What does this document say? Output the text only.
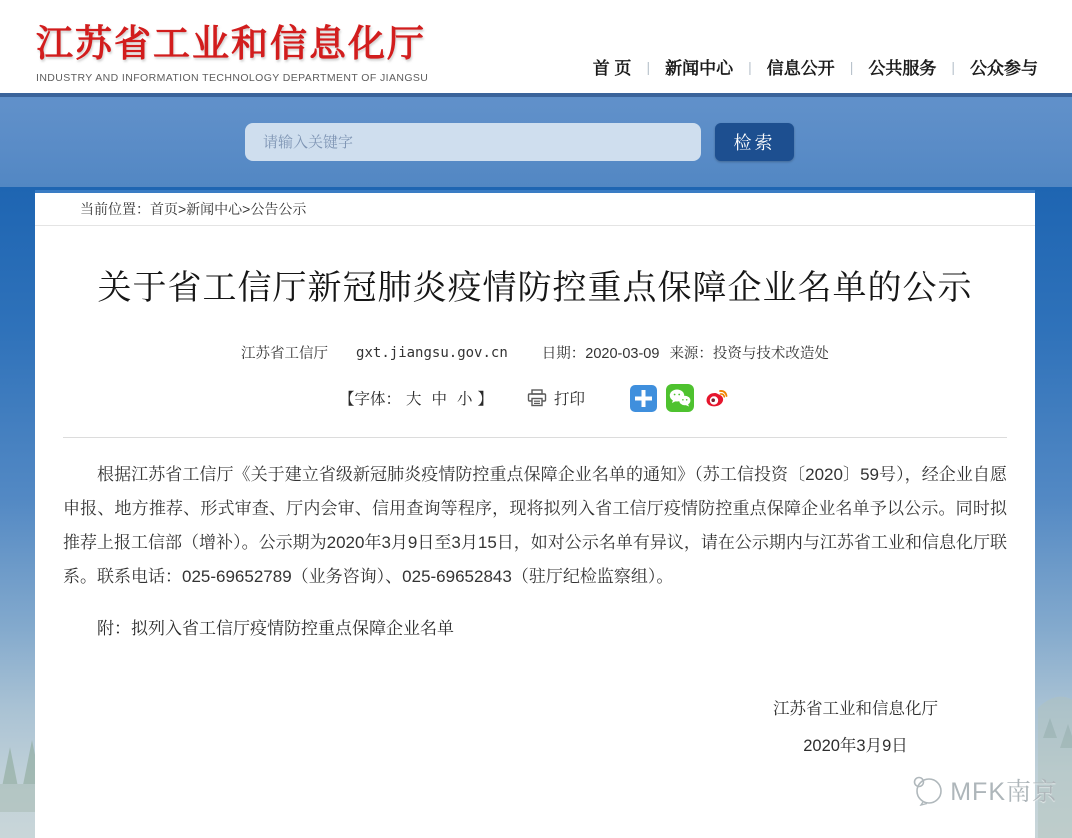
江苏省工业和信息化厅
INDUSTRY AND INFORMATION TECHNOLOGY DEPARTMENT OF JIANGSU	首 页 | 新闻中心 | 信息公开 | 公共服务 | 公众参与
请输入关键字
检索
当前位置： 首页>新闻中心>公告公示
关于省工信厅新冠肺炎疫情防控重点保障企业名单的公示
江苏省工信厅 gxt.jiangsu.gov.cn 日期：2020-03-09 来源：投资与技术改造处
【字体： 大 中 小 】	打印

根据江苏省工信厅《关于建立省级新冠肺炎疫情防控重点保障企业名单的通知》（苏工信投资〔2020〕59号），经企业自愿申报、地方推荐、形式审查、厅内会审、信用查询等程序，现将拟列入省工信厅疫情防控重点保障企业名单予以公示。同时拟推荐上报工信部（增补）。公示期为2020年3月9日至3月15日，如对公示名单有异议，请在公示期内与江苏省工业和信息化厅联系。联系电话：025-69652789（业务咨询）、025-69652843（驻厅纪检监察组）。

附：拟列入省工信厅疫情防控重点保障企业名单

江苏省工业和信息化厅
2020年3月9日
MFK南京
